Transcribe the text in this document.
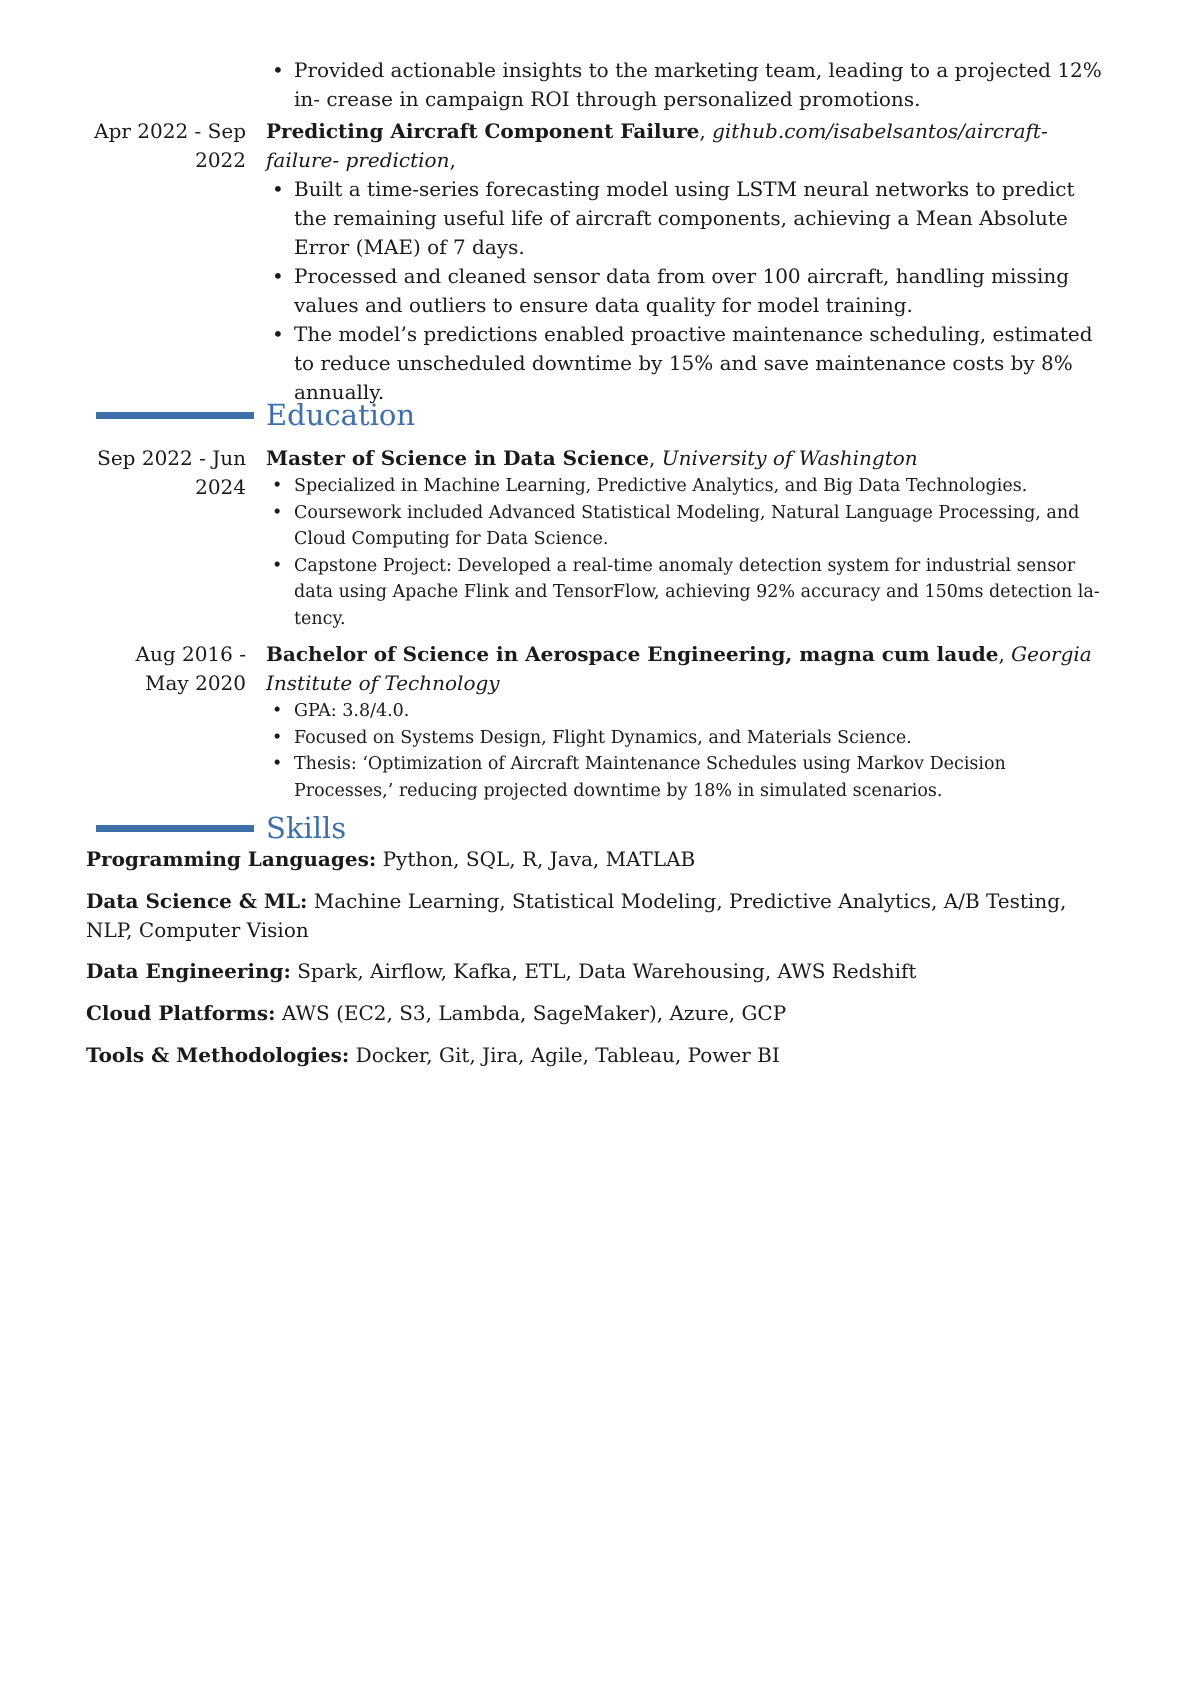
• Provided actionable insights to the marketing team, leading to a projected 12% in- crease in campaign ROI through personalized promotions.
Apr 2022 - Sep 2022
Predicting Aircraft Component Failure, github.com/isabelsantos/aircraft-failure- prediction,
• Built a time-series forecasting model using LSTM neural networks to predict the remaining useful life of aircraft components, achieving a Mean Absolute Error (MAE) of 7 days.
• Processed and cleaned sensor data from over 100 aircraft, handling missing values and outliers to ensure data quality for model training.
• The model’s predictions enabled proactive maintenance scheduling, estimated to reduce unscheduled downtime by 15% and save maintenance costs by 8% annually.
Education
Sep 2022 - Jun 2024
Master of Science in Data Science, University of Washington
• Specialized in Machine Learning, Predictive Analytics, and Big Data Technologies.
• Coursework included Advanced Statistical Modeling, Natural Language Processing, and Cloud Computing for Data Science.
• Capstone Project: Developed a real-time anomaly detection system for industrial sensor data using Apache Flink and TensorFlow, achieving 92% accuracy and 150ms detection la- tency.
Aug 2016 - May 2020
Bachelor of Science in Aerospace Engineering, magna cum laude, Georgia Institute of Technology
• GPA: 3.8/4.0.
• Focused on Systems Design, Flight Dynamics, and Materials Science.
• Thesis: ‘Optimization of Aircraft Maintenance Schedules using Markov Decision Processes,’ reducing projected downtime by 18% in simulated scenarios.
Skills
Programming Languages: Python, SQL, R, Java, MATLAB
Data Science & ML: Machine Learning, Statistical Modeling, Predictive Analytics, A/B Testing, NLP, Computer Vision
Data Engineering: Spark, Airflow, Kafka, ETL, Data Warehousing, AWS Redshift
Cloud Platforms: AWS (EC2, S3, Lambda, SageMaker), Azure, GCP
Tools & Methodologies: Docker, Git, Jira, Agile, Tableau, Power BI
